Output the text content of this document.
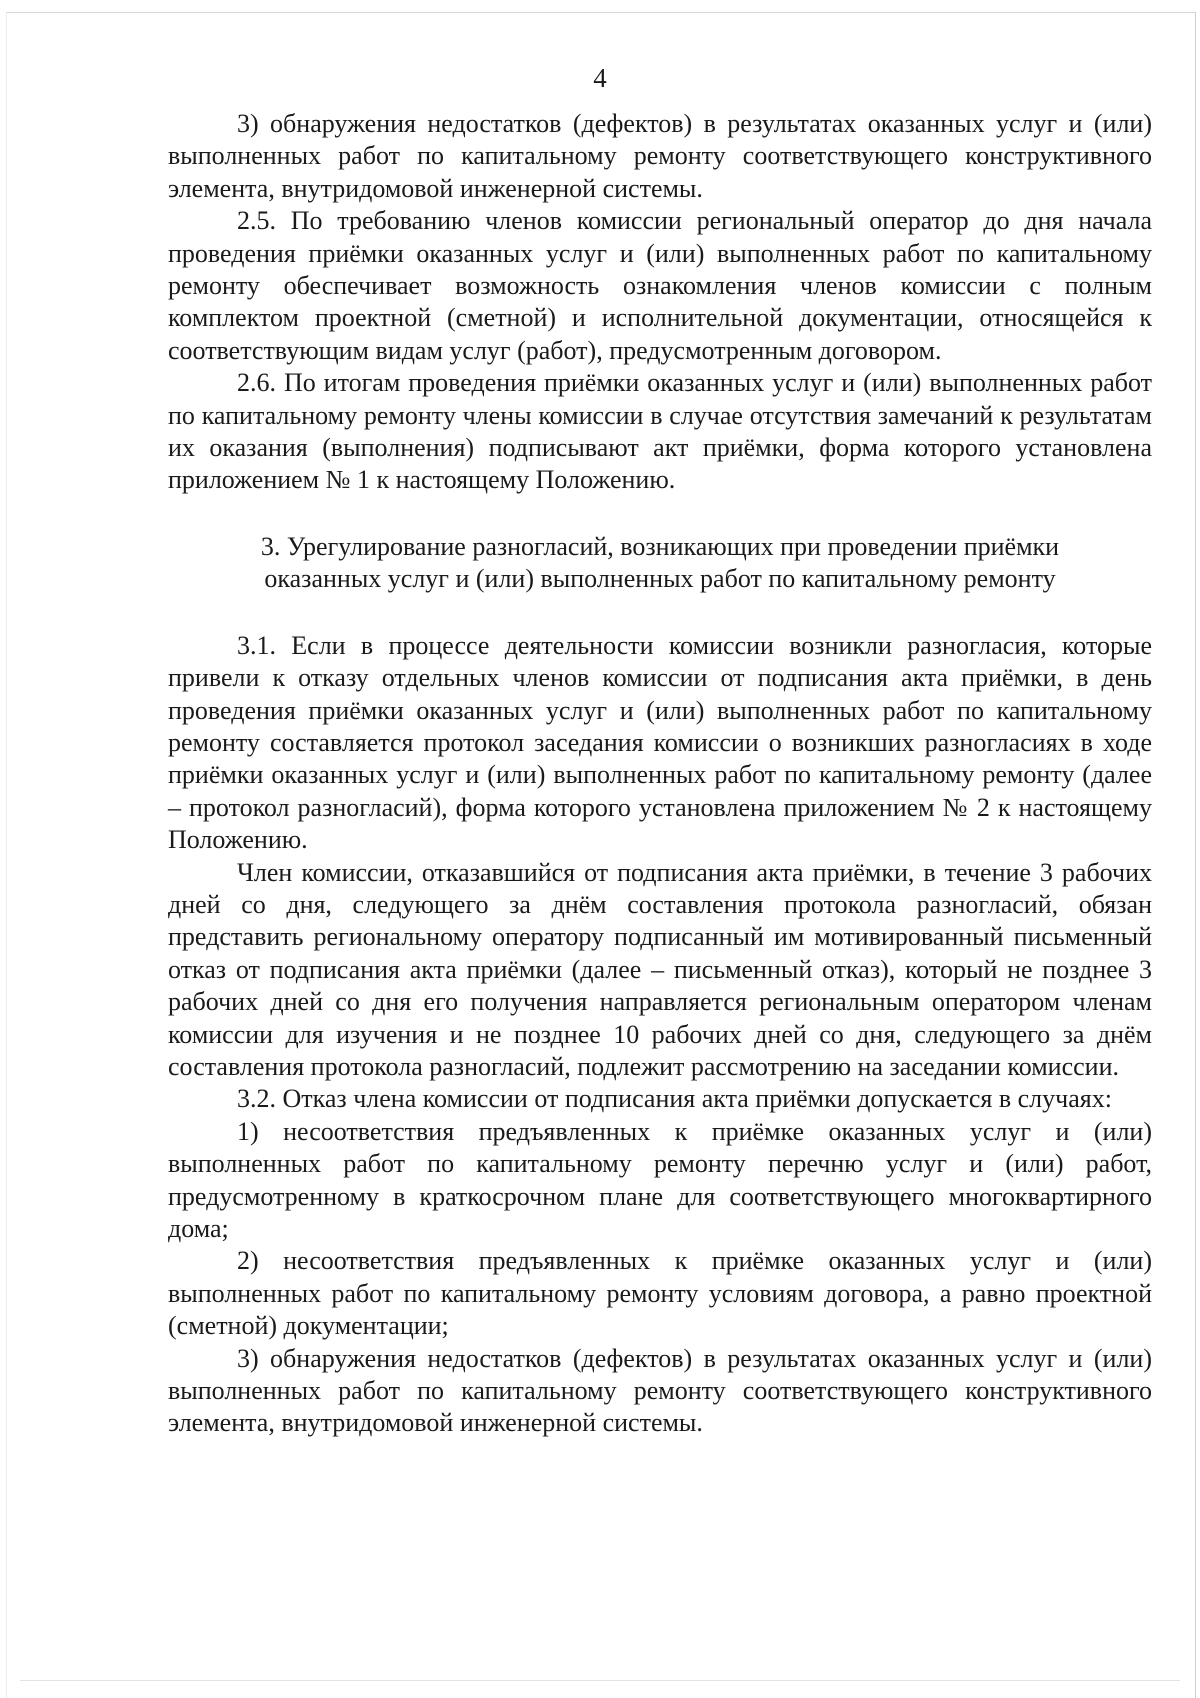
4

3) обнаружения недостатков (дефектов) в результатах оказанных услуг и (или) выполненных работ по капитальному ремонту соответствующего конструктивного элемента, внутридомовой инженерной системы.

2.5. По требованию членов комиссии региональный оператор до дня начала проведения приёмки оказанных услуг и (или) выполненных работ по капитальному ремонту обеспечивает возможность ознакомления членов комиссии с полным комплектом проектной (сметной) и исполнительной документации, относящейся к соответствующим видам услуг (работ), предусмотренным договором.

2.6. По итогам проведения приёмки оказанных услуг и (или) выполненных работ по капитальному ремонту члены комиссии в случае отсутствия замечаний к результатам их оказания (выполнения) подписывают акт приёмки, форма которого установлена приложением № 1 к настоящему Положению.

3. Урегулирование разногласий, возникающих при проведении приёмки
оказанных услуг и (или) выполненных работ по капитальному ремонту

3.1. Если в процессе деятельности комиссии возникли разногласия, которые привели к отказу отдельных членов комиссии от подписания акта приёмки, в день проведения приёмки оказанных услуг и (или) выполненных работ по капитальному ремонту составляется протокол заседания комиссии о возникших разногласиях в ходе приёмки оказанных услуг и (или) выполненных работ по капитальному ремонту (далее – протокол разногласий), форма которого установлена приложением № 2 к настоящему Положению.

Член комиссии, отказавшийся от подписания акта приёмки, в течение 3 рабочих дней со дня, следующего за днём составления протокола разногласий, обязан представить региональному оператору подписанный им мотивированный письменный отказ от подписания акта приёмки (далее – письменный отказ), который не позднее 3 рабочих дней со дня его получения направляется региональным оператором членам комиссии для изучения и не позднее 10 рабочих дней со дня, следующего за днём составления протокола разногласий, подлежит рассмотрению на заседании комиссии.

3.2. Отказ члена комиссии от подписания акта приёмки допускается в случаях:

1) несоответствия предъявленных к приёмке оказанных услуг и (или) выполненных работ по капитальному ремонту перечню услуг и (или) работ, предусмотренному в краткосрочном плане для соответствующего многоквартирного дома;

2) несоответствия предъявленных к приёмке оказанных услуг и (или) выполненных работ по капитальному ремонту условиям договора, а равно проектной (сметной) документации;

3) обнаружения недостатков (дефектов) в результатах оказанных услуг и (или) выполненных работ по капитальному ремонту соответствующего конструктивного элемента, внутридомовой инженерной системы.
